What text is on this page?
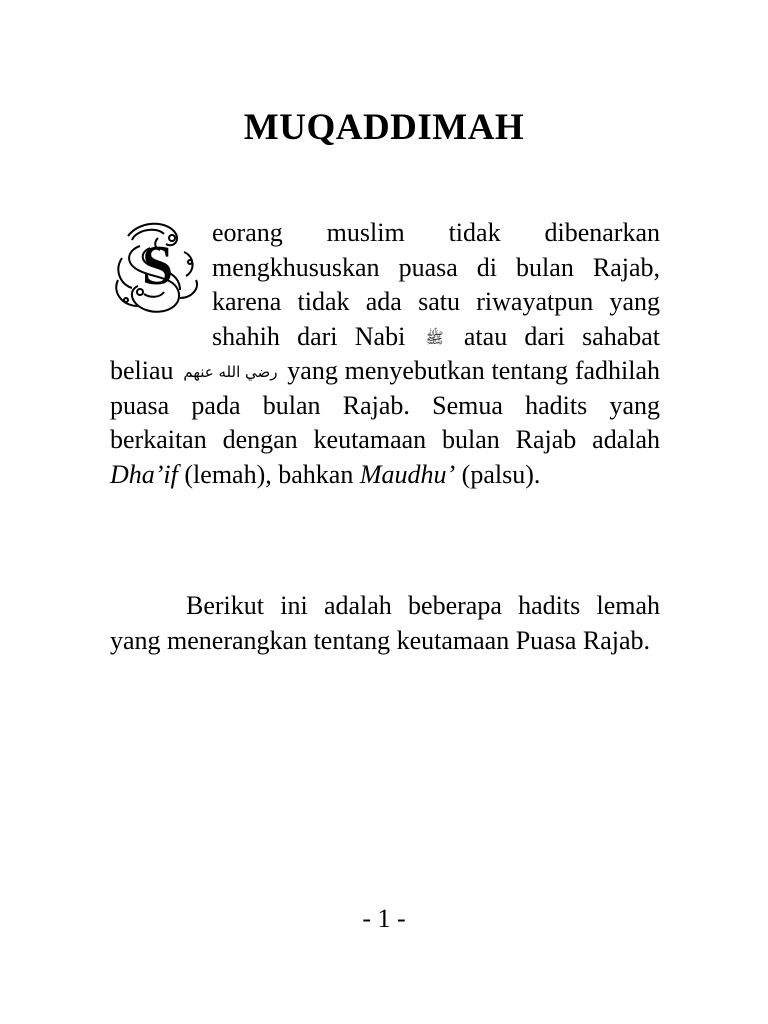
MUQADDIMAH
S
eorang muslim tidak dibenarkan mengkhususkan puasa di bulan Rajab, karena tidak ada satu riwayatpun yang shahih dari Nabi ﷺ atau dari sahabat beliau رضي الله عنهم yang menyebutkan tentang fadhilah puasa pada bulan Rajab. Semua hadits yang berkaitan dengan keutamaan bulan Rajab adalah Dha’if (lemah), bahkan Maudhu’ (palsu).
Berikut ini adalah beberapa hadits lemah yang menerangkan tentang keutamaan Puasa Rajab.
- 1 -
